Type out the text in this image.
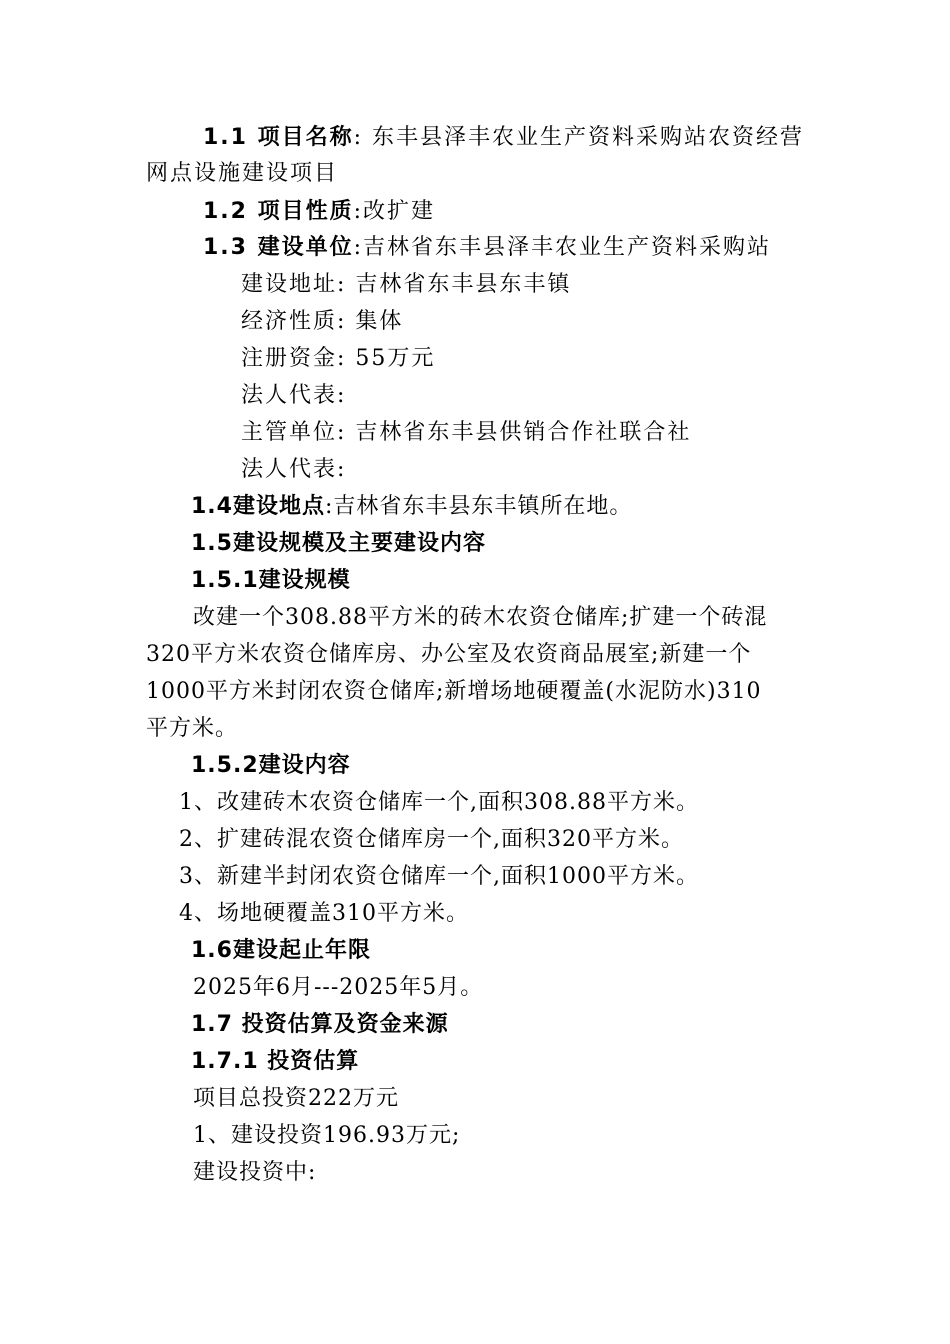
1.1 项目名称: 东丰县泽丰农业生产资料采购站农资经营
网点设施建设项目
1.2 项目性质:改扩建
1.3 建设单位:吉林省东丰县泽丰农业生产资料采购站
建设地址: 吉林省东丰县东丰镇
经济性质: 集体
注册资金: 55万元
法人代表:
主管单位: 吉林省东丰县供销合作社联合社
法人代表:
1.4建设地点:吉林省东丰县东丰镇所在地。
1.5建设规模及主要建设内容
1.5.1建设规模
改建一个308.88平方米的砖木农资仓储库;扩建一个砖混
320平方米农资仓储库房、办公室及农资商品展室;新建一个
1000平方米封闭农资仓储库;新增场地硬覆盖(水泥防水)310
平方米。
1.5.2建设内容
1、改建砖木农资仓储库一个,面积308.88平方米。
2、扩建砖混农资仓储库房一个,面积320平方米。
3、新建半封闭农资仓储库一个,面积1000平方米。
4、场地硬覆盖310平方米。
1.6建设起止年限
2025年6月---2025年5月。
1.7 投资估算及资金来源
1.7.1 投资估算
项目总投资222万元
1、建设投资196.93万元;
建设投资中:
